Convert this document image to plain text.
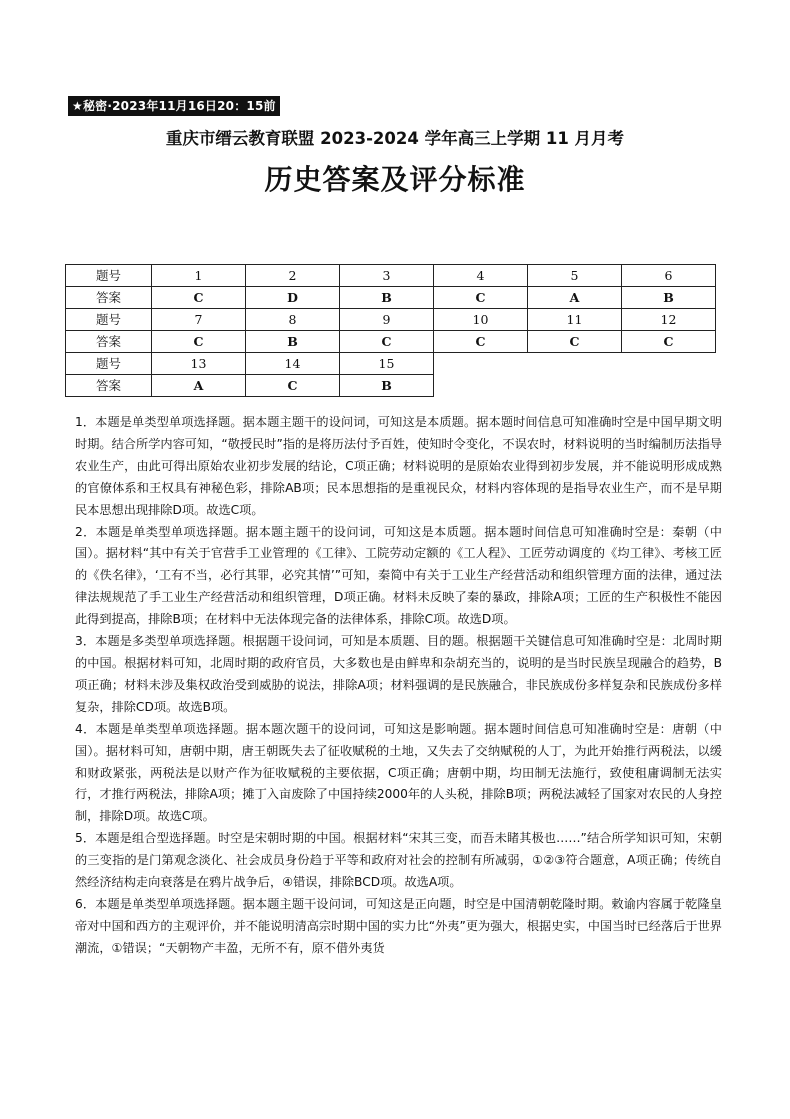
★秘密·2023年11月16日20：15前
重庆市缙云教育联盟 2023-2024 学年高三上学期 11 月月考
历史答案及评分标准
题号	1	2	3	4	5	6
答案	C	D	B	C	A	B
题号	7	8	9	10	11	12
答案	C	B	C	C	C	C
题号	13	14	15			
答案	A	C	B			

1．本题是单类型单项选择题。据本题主题干的设问词，可知这是本质题。据本题时间信息可知准确时空是中国早期文明时期。结合所学内容可知，“敬授民时”指的是将历法付予百姓，使知时令变化，不误农时，材料说明的当时编制历法指导农业生产，由此可得出原始农业初步发展的结论，C项正确；材料说明的是原始农业得到初步发展，并不能说明形成成熟的官僚体系和王权具有神秘色彩，排除AB项；民本思想指的是重视民众，材料内容体现的是指导农业生产，而不是早期民本思想出现排除D项。故选C项。

2．本题是单类型单项选择题。据本题主题干的设问词，可知这是本质题。据本题时间信息可知准确时空是：秦朝（中国）。据材料“其中有关于官营手工业管理的《工律》、工院劳动定额的《工人程》、工匠劳动调度的《均工律》、考核工匠的《佚名律》，‘工有不当，必行其罪，必究其情’”可知，秦简中有关于工业生产经营活动和组织管理方面的法律，通过法律法规规范了手工业生产经营活动和组织管理，D项正确。材料未反映了秦的暴政，排除A项；工匠的生产积极性不能因此得到提高，排除B项；在材料中无法体现完备的法律体系，排除C项。故选D项。

3．本题是多类型单项选择题。根据题干设问词，可知是本质题、目的题。根据题干关键信息可知准确时空是：北周时期的中国。根据材料可知，北周时期的政府官员，大多数也是由鲜卑和杂胡充当的，说明的是当时民族呈现融合的趋势，B项正确；材料未涉及集权政治受到威胁的说法，排除A项；材料强调的是民族融合，非民族成份多样复杂和民族成份多样复杂，排除CD项。故选B项。

4．本题是单类型单项选择题。据本题次题干的设问词，可知这是影响题。据本题时间信息可知准确时空是：唐朝（中国）。据材料可知，唐朝中期，唐王朝既失去了征收赋税的土地，又失去了交纳赋税的人丁，为此开始推行两税法，以缓和财政紧张，两税法是以财产作为征收赋税的主要依据，C项正确；唐朝中期，均田制无法施行，致使租庸调制无法实行，才推行两税法，排除A项；摊丁入亩废除了中国持续2000年的人头税，排除B项；两税法减轻了国家对农民的人身控制，排除D项。故选C项。

5．本题是组合型选择题。时空是宋朝时期的中国。根据材料“宋其三变，而吾未睹其极也……”结合所学知识可知，宋朝的三变指的是门第观念淡化、社会成员身份趋于平等和政府对社会的控制有所减弱，①②③符合题意，A项正确；传统自然经济结构走向衰落是在鸦片战争后，④错误，排除BCD项。故选A项。

6．本题是单类型单项选择题。据本题主题干设问词，可知这是正向题，时空是中国清朝乾隆时期。敕谕内容属于乾隆皇帝对中国和西方的主观评价，并不能说明清高宗时期中国的实力比“外夷”更为强大，根据史实，中国当时已经落后于世界潮流，①错误；“天朝物产丰盈，无所不有，原不借外夷货
